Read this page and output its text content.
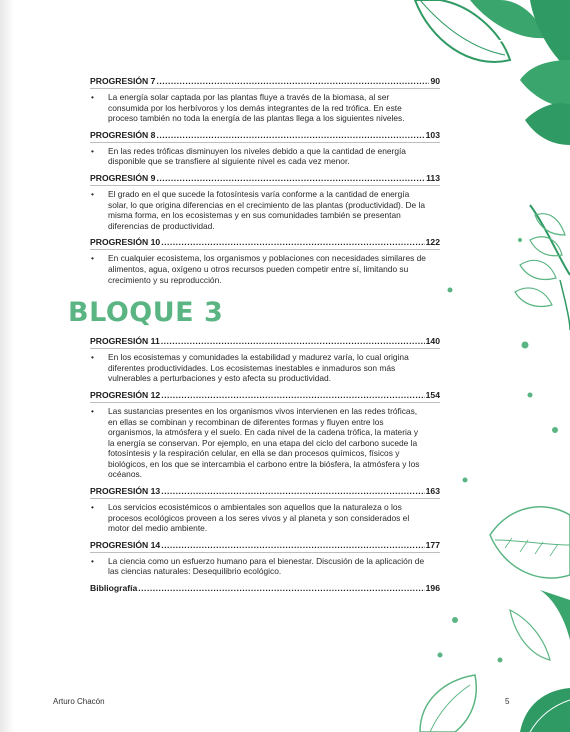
PROGRESIÓN 7 .....	90
•	La energía solar captada por las plantas fluye a través de la biomasa, al ser consumida por los herbívoros y los demás integrantes de la red trófica. En este proceso también no toda la energía de las plantas llega a los siguientes niveles.
PROGRESIÓN 8 .....	103
•	En las redes tróficas disminuyen los niveles debido a que la cantidad de energía disponible que se transfiere al siguiente nivel es cada vez menor.
PROGRESIÓN 9 .....	113
•	El grado en el que sucede la fotosíntesis varía conforme a la cantidad de energía solar, lo que origina diferencias en el crecimiento de las plantas (productividad). De la misma forma, en los ecosistemas y en sus comunidades también se presentan diferencias de productividad.
PROGRESIÓN 10 .....	122
•	En cualquier ecosistema, los organismos y poblaciones con necesidades similares de alimentos, agua, oxígeno u otros recursos pueden competir entre sí, limitando su crecimiento y su reproducción.
BLOQUE 3
PROGRESIÓN 11 .....	140
•	En los ecosistemas y comunidades la estabilidad y madurez varía, lo cual origina diferentes productividades. Los ecosistemas inestables e inmaduros son más vulnerables a perturbaciones y esto afecta su productividad.
PROGRESIÓN 12 .....	154
•	Las sustancias presentes en los organismos vivos intervienen en las redes tróficas, en ellas se combinan y recombinan de diferentes formas y fluyen entre los organismos, la atmósfera y el suelo. En cada nivel de la cadena trófica, la materia y la energía se conservan. Por ejemplo, en una etapa del ciclo del carbono sucede la fotosíntesis y la respiración celular, en ella se dan procesos químicos, físicos y biológicos, en los que se intercambia el carbono entre la biósfera, la atmósfera y los océanos.
PROGRESIÓN 13 .....	163
•	Los servicios ecosistémicos o ambientales son aquellos que la naturaleza o los procesos ecológicos proveen a los seres vivos y al planeta y son considerados el motor del medio ambiente.
PROGRESIÓN 14 .....	177
•	La ciencia como un esfuerzo humano para el bienestar. Discusión de la aplicación de las ciencias naturales: Desequilibrio ecológico.
Bibliografía .....	196
Arturo Chacón	5
